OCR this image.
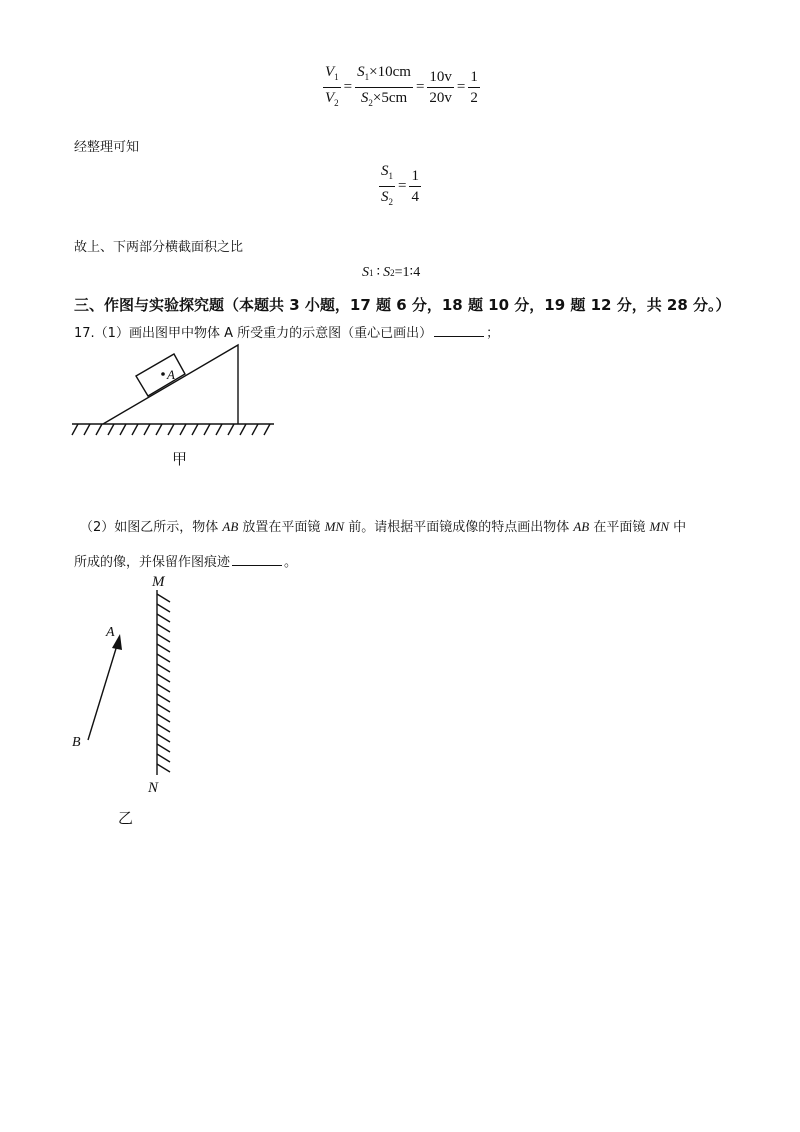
$\frac{V_1}{V_2} = \frac{S_1\times 10cm}{S_2\times 5cm} = \frac{10v}{20v} = \frac{1}{2}$
经整理可知
$\frac{S_1}{S_2} = \frac{1}{4}$
故上、下两部分横截面积之比
S 1 ∶ S 2 =1∶4
三、作图与实验探究题（本题共 3 小题，17 题 6 分，18 题 10 分，19 题 12 分，共 28 分。）
17.（1）画出图甲中物体 A 所受重力的示意图（重心已画出）	；
A
甲
（2）如图乙所示，物体 AB 放置在平面镜 MN 前。请根据平面镜成像的特点画出物体 AB 在平面镜 MN 中
所成的像，并保留作图痕迹	。
M
N
A
B
乙
